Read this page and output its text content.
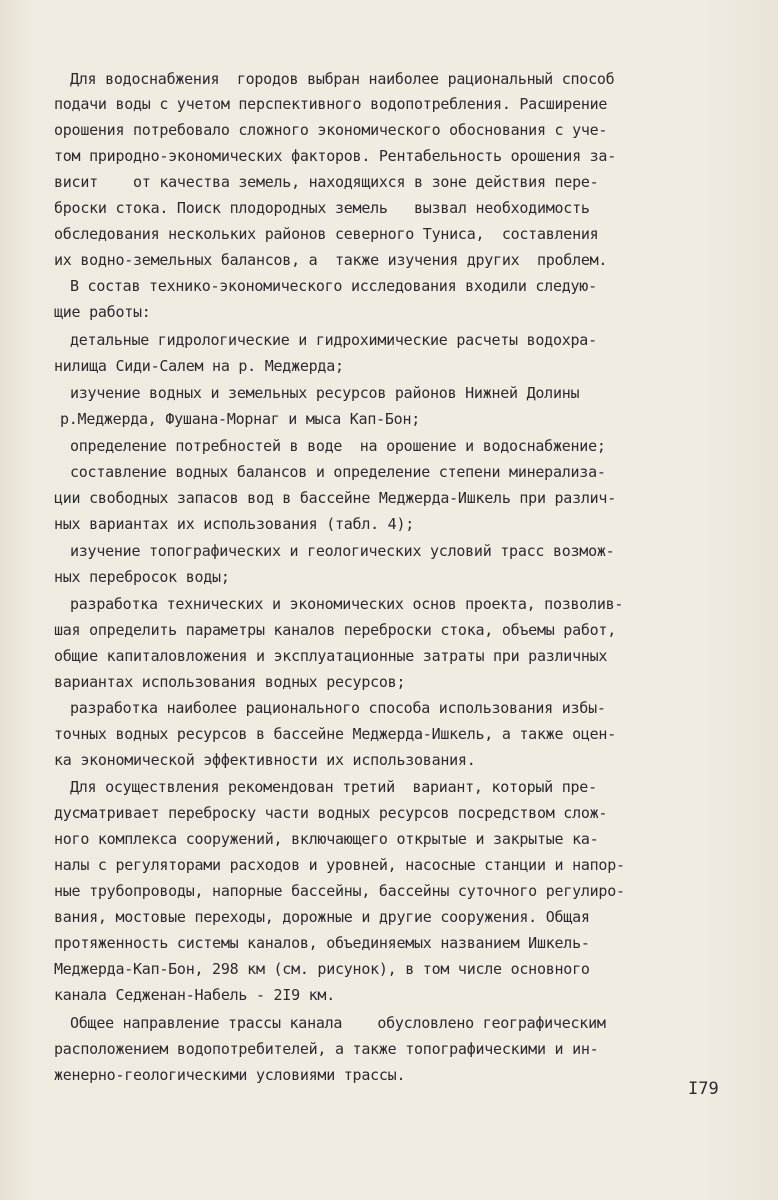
Для водоснабжения  городов выбран наиболее рациональный способ
подачи воды с учетом перспективного водопотребления. Расширение
орошения потребовало сложного экономического обоснования с уче-
том природно-экономических факторов. Рентабельность орошения за-
висит    от качества земель, находящихся в зоне действия пере-
броски стока. Поиск плодородных земель   вызвал необходимость
обследования нескольких районов северного Туниса,  составления
их водно-земельных балансов, а  также изучения других  проблем.
В состав технико-экономического исследования входили следую-
щие работы:
детальные гидрологические и гидрохимические расчеты водохра-
нилища Сиди-Салем на р. Меджерда;
изучение водных и земельных ресурсов районов Нижней Долины
р.Меджерда, Фушана-Морнаг и мыса Кап-Бон;
определение потребностей в воде  на орошение и водоснабжение;
составление водных балансов и определение степени минерализа-
ции свободных запасов вод в бассейне Меджерда-Ишкель при различ-
ных вариантах их использования (табл. 4);
изучение топографических и геологических условий трасс возмож-
ных перебросок воды;
разработка технических и экономических основ проекта, позволив-
шая определить параметры каналов переброски стока, объемы работ,
общие капиталовложения и эксплуатационные затраты при различных
вариантах использования водных ресурсов;
разработка наиболее рационального способа использования избы-
точных водных ресурсов в бассейне Меджерда-Ишкель, а также оцен-
ка экономической эффективности их использования.
Для осуществления рекомендован третий  вариант, который пре-
дусматривает переброску части водных ресурсов посредством слож-
ного комплекса сооружений, включающего открытые и закрытые ка-
налы с регуляторами расходов и уровней, насосные станции и напор-
ные трубопроводы, напорные бассейны, бассейны суточного регулиро-
вания, мостовые переходы, дорожные и другие сооружения. Общая
протяженность системы каналов, объединяемых названием Ишкель-
Меджерда-Кап-Бон, 298 км (см. рисунок), в том числе основного
канала Седженан-Набель - 2I9 км.
Общее направление трассы канала    обусловлено географическим
расположением водопотребителей, а также топографическими и ин-
женерно-геологическими условиями трассы.
I79
